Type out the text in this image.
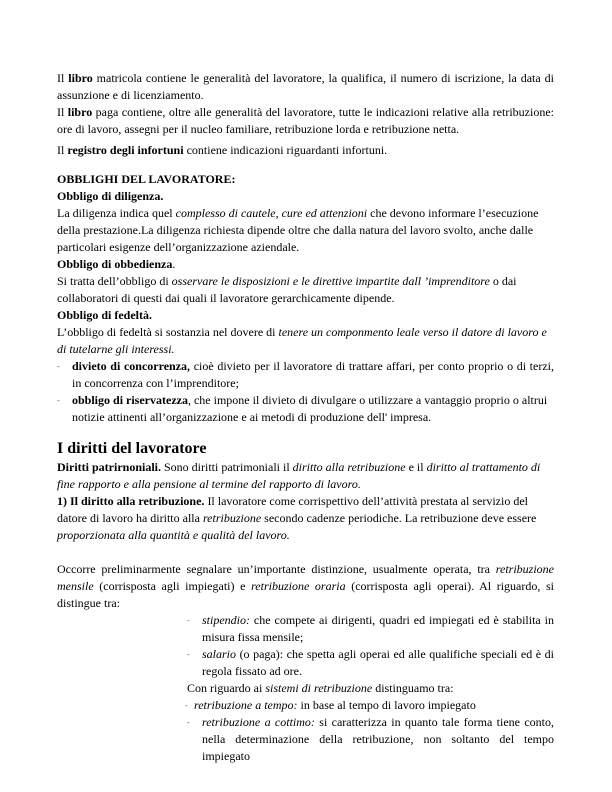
Il libro matricola contiene le generalità del lavoratore, la qualifica, il numero di iscrizione, la data di assunzione e di licenziamento.

Il libro paga contiene, oltre alle generalità del lavoratore, tutte le indicazioni relative alla retribuzione: ore di lavoro, assegni per il nucleo familiare, retribuzione lorda e retribuzione netta.

Il registro degli infortuni contiene indicazioni riguardanti infortuni.

OBBLIGHI DEL LAVORATORE:

Obbligo di diligenza.

La diligenza indica quel complesso di cautele, cure ed attenzioni che devono informare l’esecuzione della prestazione.La diligenza richiesta dipende oltre che dalla natura del lavoro svolto, anche dalle particolari esigenze dell’organizzazione aziendale.

Obbligo di obbedienza.

Si tratta dell’obbligo di osservare le disposizioni e le direttive impartite dall ’imprenditore o dai collaboratori di questi dai quali il lavoratore gerarchicamente dipende.

Obbligo di fedeltà.

L’obbligo di fedeltà si sostanzia nel dovere di tenere un componmento leale verso il datore di lavoro e di tutelarne gli interessi.

- divieto di concorrenza, cioè divieto per il lavoratore di trattare affari, per conto proprio o di terzi, in concorrenza con l’imprenditore;

- obbligo di riservatezza, che impone il divieto di divulgare o utilizzare a vantaggio proprio o altrui notizie attinenti all’organizzazione e ai metodi di produzione dell' impresa.

I diritti del lavoratore

Diritti patrirnoniali. Sono diritti patrimoniali il diritto alla retribuzione e il diritto al trattamento di fine rapporto e alla pensione al termine del rapporto di lavoro.

1) Il diritto alla retribuzione. Il lavoratore come corrispettivo dell’attività prestata al servizio del datore di lavoro ha diritto alla retribuzione secondo cadenze periodiche. La retribuzione deve essere proporzionata alla quantità e qualità del lavoro.

Occorre preliminarmente segnalare un’importante distinzione, usualmente operata, tra retribuzione mensile (corrisposta agli impiegati) e retribuzione oraria (corrisposta agli operai). Al riguardo, si distingue tra:

- stipendio: che compete ai dirigenti, quadri ed impiegati ed è stabilita in misura fissa mensile;

- salario (o paga): che spetta agli operai ed alle qualifiche speciali ed è di regola fissato ad ore.

Con riguardo ai sistemi di retribuzione distinguamo tra:

- retribuzione a tempo: in base al tempo di lavoro impiegato

- retribuzione a cottimo: si caratterizza in quanto tale forma tiene conto, nella determinazione della retribuzione, non soltanto del tempo impiegato
